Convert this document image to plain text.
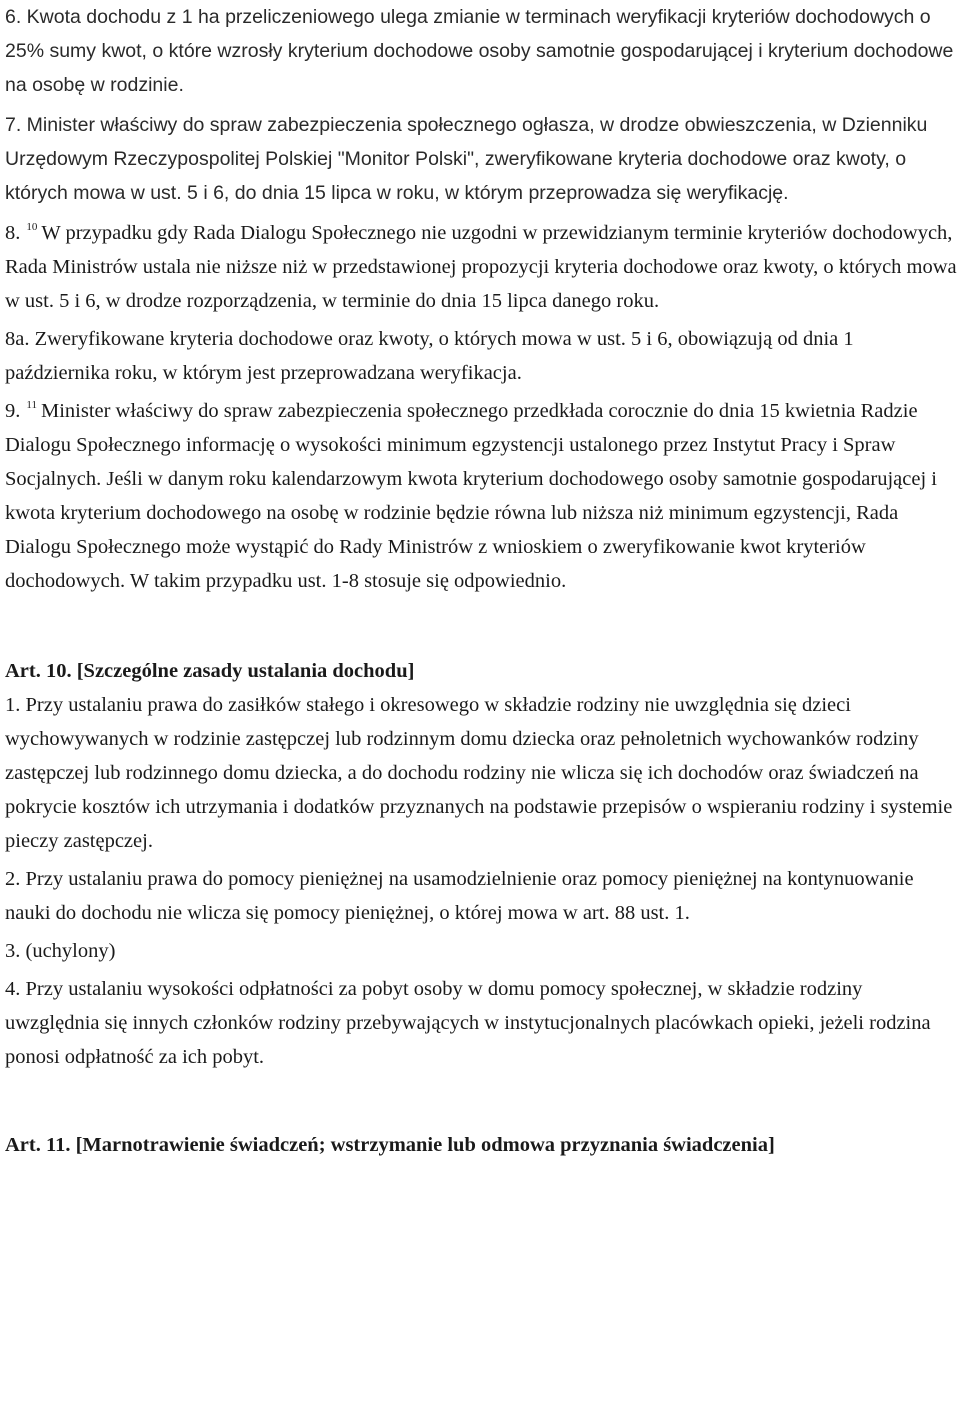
6. Kwota dochodu z 1 ha przeliczeniowego ulega zmianie w terminach weryfikacji kryteriów dochodowych o 25% sumy kwot, o które wzrosły kryterium dochodowe osoby samotnie gospodarującej i kryterium dochodowe na osobę w rodzinie.

7. Minister właściwy do spraw zabezpieczenia społecznego ogłasza, w drodze obwieszczenia, w Dzienniku Urzędowym Rzeczypospolitej Polskiej "Monitor Polski", zweryfikowane kryteria dochodowe oraz kwoty, o których mowa w ust. 5 i 6, do dnia 15 lipca w roku, w którym przeprowadza się weryfikację.

8. $^{10}$ W przypadku gdy Rada Dialogu Społecznego nie uzgodni w przewidzianym terminie kryteriów dochodowych, Rada Ministrów ustala nie niższe niż w przedstawionej propozycji kryteria dochodowe oraz kwoty, o których mowa w ust. 5 i 6, w drodze rozporządzenia, w terminie do dnia 15 lipca danego roku.

8a. Zweryfikowane kryteria dochodowe oraz kwoty, o których mowa w ust. 5 i 6, obowiązują od dnia 1 października roku, w którym jest przeprowadzana weryfikacja.

9. $^{11}$ Minister właściwy do spraw zabezpieczenia społecznego przedkłada corocznie do dnia 15 kwietnia Radzie Dialogu Społecznego informację o wysokości minimum egzystencji ustalonego przez Instytut Pracy i Spraw Socjalnych. Jeśli w danym roku kalendarzowym kwota kryterium dochodowego osoby samotnie gospodarującej i kwota kryterium dochodowego na osobę w rodzinie będzie równa lub niższa niż minimum egzystencji, Rada Dialogu Społecznego może wystąpić do Rady Ministrów z wnioskiem o zweryfikowanie kwot kryteriów dochodowych. W takim przypadku ust. 1-8 stosuje się odpowiednio.

Art. 10. [Szczególne zasady ustalania dochodu]

1. Przy ustalaniu prawa do zasiłków stałego i okresowego w składzie rodziny nie uwzględnia się dzieci wychowywanych w rodzinie zastępczej lub rodzinnym domu dziecka oraz pełnoletnich wychowanków rodziny zastępczej lub rodzinnego domu dziecka, a do dochodu rodziny nie wlicza się ich dochodów oraz świadczeń na pokrycie kosztów ich utrzymania i dodatków przyznanych na podstawie przepisów o wspieraniu rodziny i systemie pieczy zastępczej.

2. Przy ustalaniu prawa do pomocy pieniężnej na usamodzielnienie oraz pomocy pieniężnej na kontynuowanie nauki do dochodu nie wlicza się pomocy pieniężnej, o której mowa w art. 88 ust. 1.

3. (uchylony)

4. Przy ustalaniu wysokości odpłatności za pobyt osoby w domu pomocy społecznej, w składzie rodziny uwzględnia się innych członków rodziny przebywających w instytucjonalnych placówkach opieki, jeżeli rodzina ponosi odpłatność za ich pobyt.

Art. 11. [Marnotrawienie świadczeń; wstrzymanie lub odmowa przyznania świadczenia]
